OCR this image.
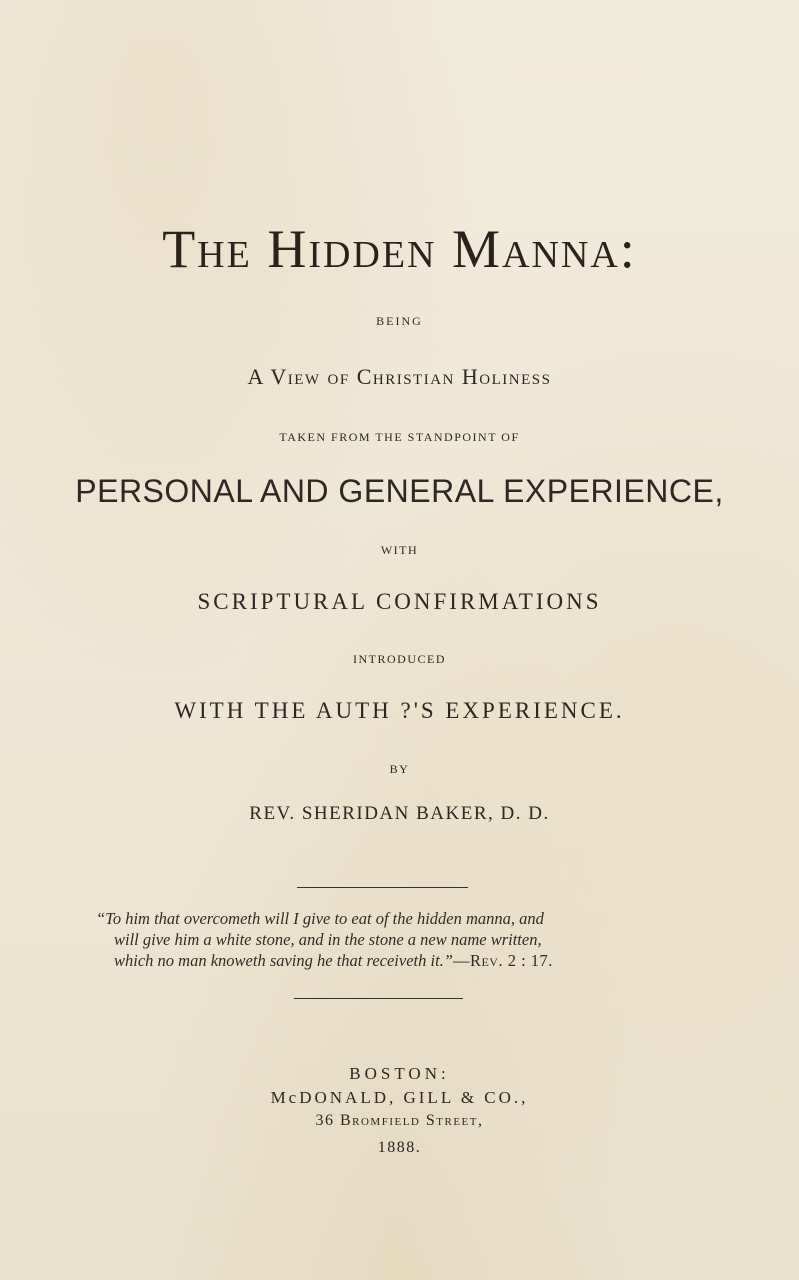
The Hidden Manna:
BEING
A View of Christian Holiness
TAKEN FROM THE STANDPOINT OF
PERSONAL AND GENERAL EXPERIENCE,
WITH
SCRIPTURAL CONFIRMATIONS
INTRODUCED
WITH THE AUTH ?'S EXPERIENCE.
BY
REV. SHERIDAN BAKER, D. D.
“To him that overcometh will I give to eat of the hidden manna, and
will give him a white stone, and in the stone a new name written,
which no man knoweth saving he that receiveth it.”—Rev. 2 : 17.
BOSTON:
McDONALD, GILL & CO.,
36 Bromfield Street,
1888.
